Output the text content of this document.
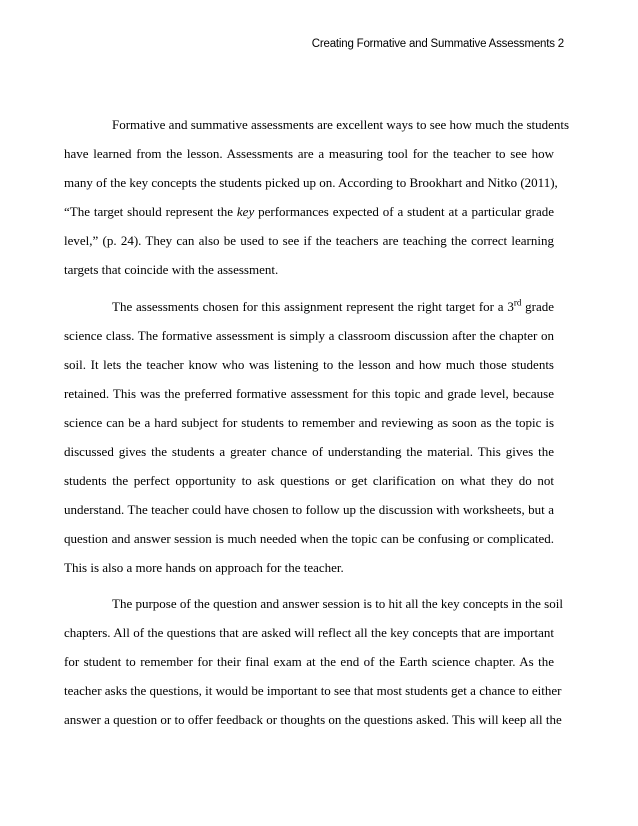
Creating Formative and Summative Assessments 2
Formative and summative assessments are excellent ways to see how much the students
have learned from the lesson. Assessments are a measuring tool for the teacher to see how
many of the key concepts the students picked up on. According to Brookhart and Nitko (2011),
“The target should represent the key performances expected of a student at a particular grade
level,” (p. 24). They can also be used to see if the teachers are teaching the correct learning
targets that coincide with the assessment.
The assessments chosen for this assignment represent the right target for a 3rd grade
science class. The formative assessment is simply a classroom discussion after the chapter on
soil. It lets the teacher know who was listening to the lesson and how much those students
retained. This was the preferred formative assessment for this topic and grade level, because
science can be a hard subject for students to remember and reviewing as soon as the topic is
discussed gives the students a greater chance of understanding the material. This gives the
students the perfect opportunity to ask questions or get clarification on what they do not
understand. The teacher could have chosen to follow up the discussion with worksheets, but a
question and answer session is much needed when the topic can be confusing or complicated.
This is also a more hands on approach for the teacher.
The purpose of the question and answer session is to hit all the key concepts in the soil
chapters. All of the questions that are asked will reflect all the key concepts that are important
for student to remember for their final exam at the end of the Earth science chapter. As the
teacher asks the questions, it would be important to see that most students get a chance to either
answer a question or to offer feedback or thoughts on the questions asked. This will keep all the
